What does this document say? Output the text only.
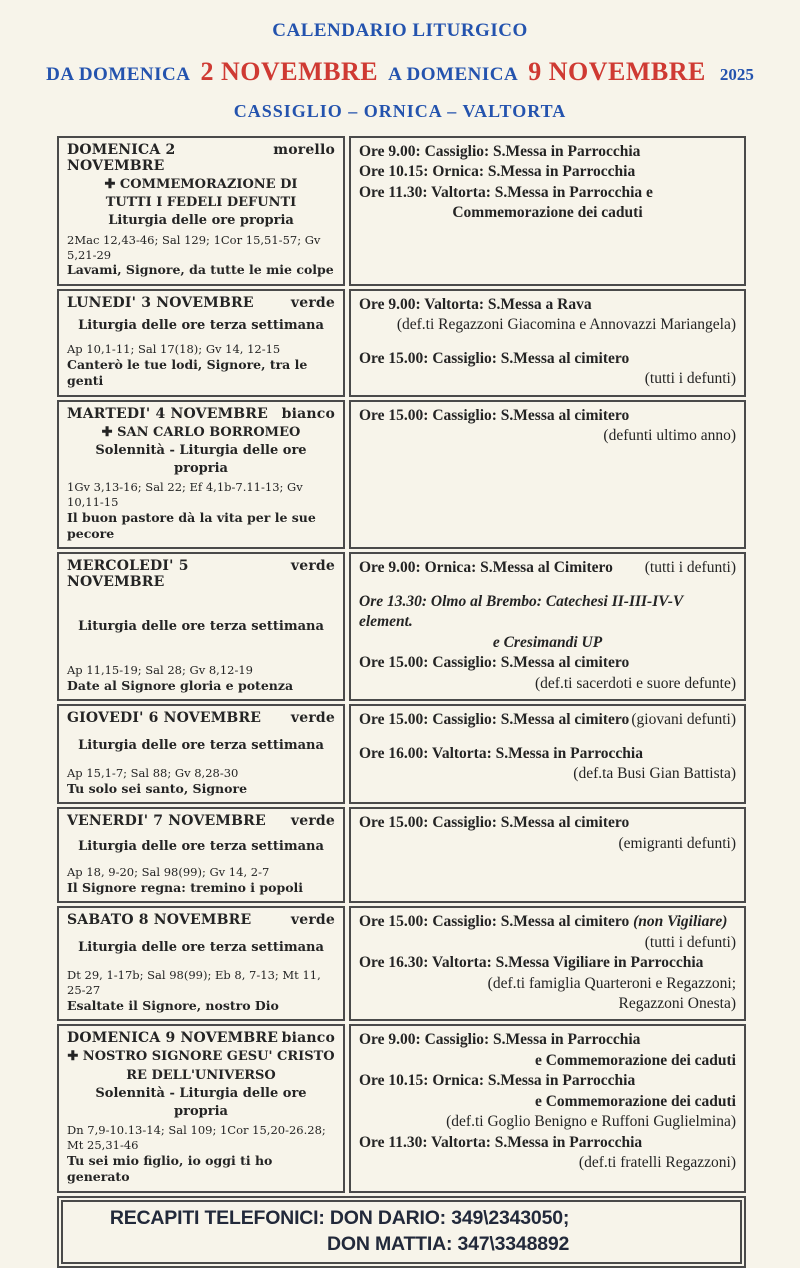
CALENDARIO LITURGICO
DA DOMENICA 2 NOVEMBRE A DOMENICA 9 NOVEMBRE 2025
CASSIGLIO – ORNICA – VALTORTA
DOMENICA 2 NOVEMBRE
morello
✚ COMMEMORAZIONE DI
TUTTI I FEDELI DEFUNTI
Liturgia delle ore propria
2Mac 12,43-46; Sal 129; 1Cor 15,51-57; Gv 5,21-29
Lavami, Signore, da tutte le mie colpe
Ore 9.00: Cassiglio: S.Messa in Parrocchia
Ore 10.15: Ornica: S.Messa in Parrocchia
Ore 11.30: Valtorta: S.Messa in Parrocchia e
Commemorazione dei caduti
LUNEDI' 3 NOVEMBRE	verde
Liturgia delle ore terza settimana
Ap 10,1-11; Sal 17(18); Gv 14, 12-15
Canterò le tue lodi, Signore, tra le genti
Ore 9.00: Valtorta: S.Messa a Rava
(def.ti Regazzoni Giacomina e Annovazzi Mariangela)
Ore 15.00: Cassiglio: S.Messa al cimitero
(tutti i defunti)
MARTEDI' 4 NOVEMBRE bianco
✚ SAN CARLO BORROMEO
Solennità - Liturgia delle ore propria
1Gv 3,13-16; Sal 22; Ef 4,1b-7.11-13; Gv 10,11-15
Il buon pastore dà la vita per le sue pecore
Ore 15.00: Cassiglio: S.Messa al cimitero
(defunti ultimo anno)
MERCOLEDI' 5 NOVEMBRE
verde
Liturgia delle ore terza settimana
Ap 11,15-19; Sal 28; Gv 8,12-19
Date al Signore gloria e potenza
Ore 9.00: Ornica: S.Messa al Cimitero (tutti i defunti)
Ore 13.30: Olmo al Brembo: Catechesi II-III-IV-V element.
e Cresimandi UP
Ore 15.00: Cassiglio: S.Messa al cimitero
(def.ti sacerdoti e suore defunte)
GIOVEDI' 6 NOVEMBRE verde
Liturgia delle ore terza settimana
Ap 15,1-7; Sal 88; Gv 8,28-30
Tu solo sei santo, Signore
Ore 15.00: Cassiglio: S.Messa al cimitero (giovani defunti)
Ore 16.00: Valtorta: S.Messa in Parrocchia
(def.ta Busi Gian Battista)
VENERDI' 7 NOVEMBRE verde
Liturgia delle ore terza settimana
Ap 18, 9-20; Sal 98(99); Gv 14, 2-7
Il Signore regna: tremino i popoli
Ore 15.00: Cassiglio: S.Messa al cimitero
(emigranti defunti)
SABATO 8 NOVEMBRE	verde
Liturgia delle ore terza settimana
Dt 29, 1-17b; Sal 98(99); Eb 8, 7-13; Mt 11, 25-27
Esaltate il Signore, nostro Dio
Ore 15.00: Cassiglio: S.Messa al cimitero (non Vigiliare)
(tutti i defunti)
Ore 16.30: Valtorta: S.Messa Vigiliare in Parrocchia
(def.ti famiglia Quarteroni e Regazzoni;
Regazzoni Onesta)
DOMENICA 9 NOVEMBRE bianco
✚ NOSTRO SIGNORE GESU' CRISTO
RE DELL'UNIVERSO
Solennità - Liturgia delle ore propria
Dn 7,9-10.13-14; Sal 109; 1Cor 15,20-26.28;
Mt 25,31-46
Tu sei mio figlio, io oggi ti ho generato
Ore 9.00: Cassiglio: S.Messa in Parrocchia
e Commemorazione dei caduti
Ore 10.15: Ornica: S.Messa in Parrocchia
e Commemorazione dei caduti
(def.ti Goglio Benigno e Ruffoni Guglielmina)
Ore 11.30: Valtorta: S.Messa in Parrocchia
(def.ti fratelli Regazzoni)
RECAPITI TELEFONICI: DON DARIO: 349\2343050;
DON MATTIA: 347\3348892
